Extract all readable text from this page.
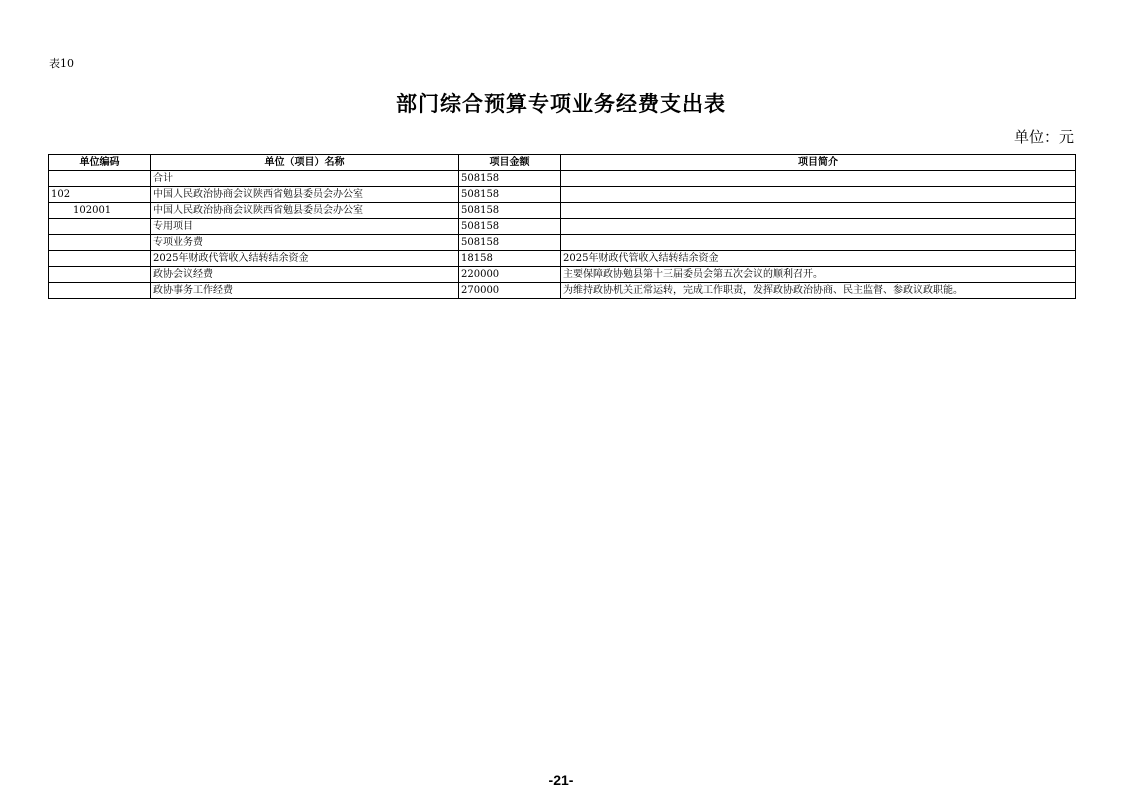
表10
部门综合预算专项业务经费支出表
单位：元
单位编码	单位（项目）名称	项目金额	项目简介
	合计	508158	
102	中国人民政治协商会议陕西省勉县委员会办公室	508158	
102001	中国人民政治协商会议陕西省勉县委员会办公室	508158	
	专用项目	508158	
	专项业务费	508158	
	2025年财政代管收入结转结余资金	18158	2025年财政代管收入结转结余资金
	政协会议经费	220000	主要保障政协勉县第十三届委员会第五次会议的顺利召开。
	政协事务工作经费	270000	为维持政协机关正常运转，完成工作职责，发挥政协政治协商、民主监督、参政议政职能。
-21-
